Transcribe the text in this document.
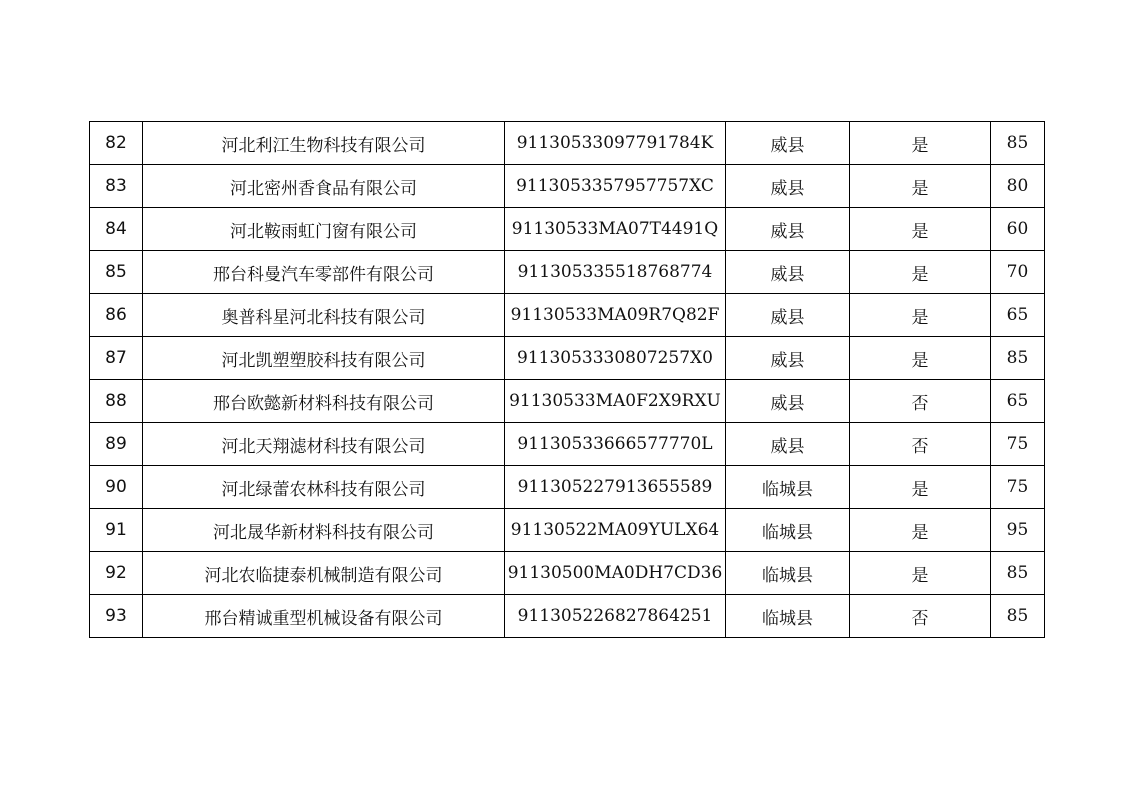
82	河北利江生物科技有限公司	91130533097791784K	威县	是	85
83	河北密州香食品有限公司	9113053357957757XC	威县	是	80
84	河北鞍雨虹门窗有限公司	91130533MA07T4491Q	威县	是	60
85	邢台科曼汽车零部件有限公司	911305335518768774	威县	是	70
86	奥普科星河北科技有限公司	91130533MA09R7Q82F	威县	是	65
87	河北凯塑塑胶科技有限公司	9113053330807257X0	威县	是	85
88	邢台欧懿新材料科技有限公司	91130533MA0F2X9RXU	威县	否	65
89	河北天翔滤材科技有限公司	91130533666577770L	威县	否	75
90	河北绿蕾农林科技有限公司	911305227913655589	临城县	是	75
91	河北晟华新材料科技有限公司	91130522MA09YULX64	临城县	是	95
92	河北农临捷泰机械制造有限公司	91130500MA0DH7CD36	临城县	是	85
93	邢台精诚重型机械设备有限公司	911305226827864251	临城县	否	85
